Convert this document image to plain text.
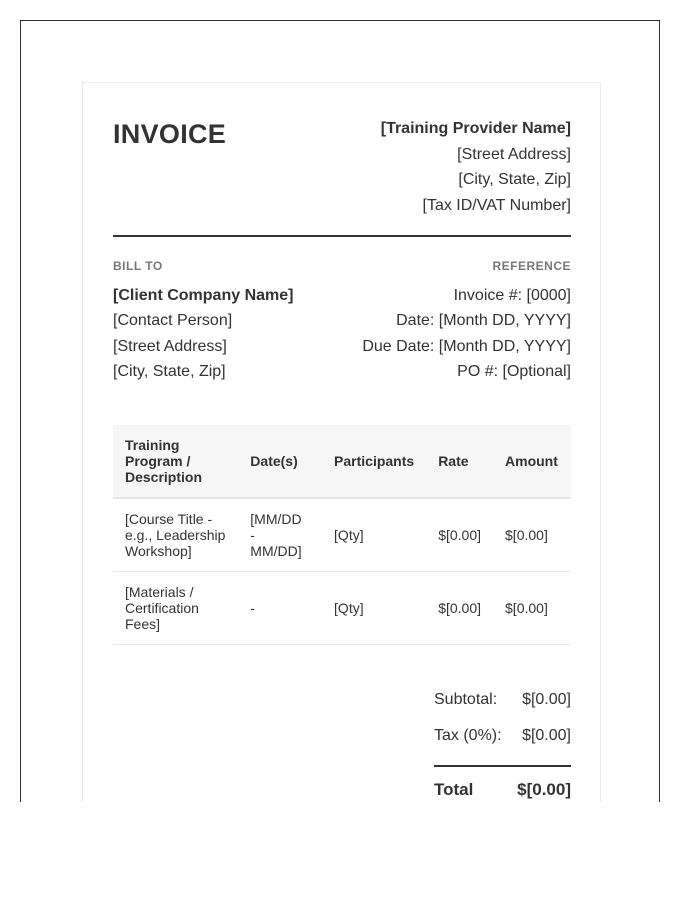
INVOICE	[Training Provider Name]
[Street Address]
[City, State, Zip]
[Tax ID/VAT Number]
BILL TO	REFERENCE
[Client Company Name]
[Contact Person]
[Street Address]
[City, State, Zip]
Invoice #: [0000]
Date: [Month DD, YYYY]
Due Date: [Month DD, YYYY]
PO #: [Optional]
Training Program / Description	Date(s)	Participants	Rate	Amount
[Course Title - e.g., Leadership Workshop]	[MM/DD - MM/DD]	[Qty]	$[0.00]	$[0.00]
[Materials / Certification Fees]	-	[Qty]	$[0.00]	$[0.00]
Subtotal: $[0.00]
Tax (0%): $[0.00]
Total	$[0.00]
